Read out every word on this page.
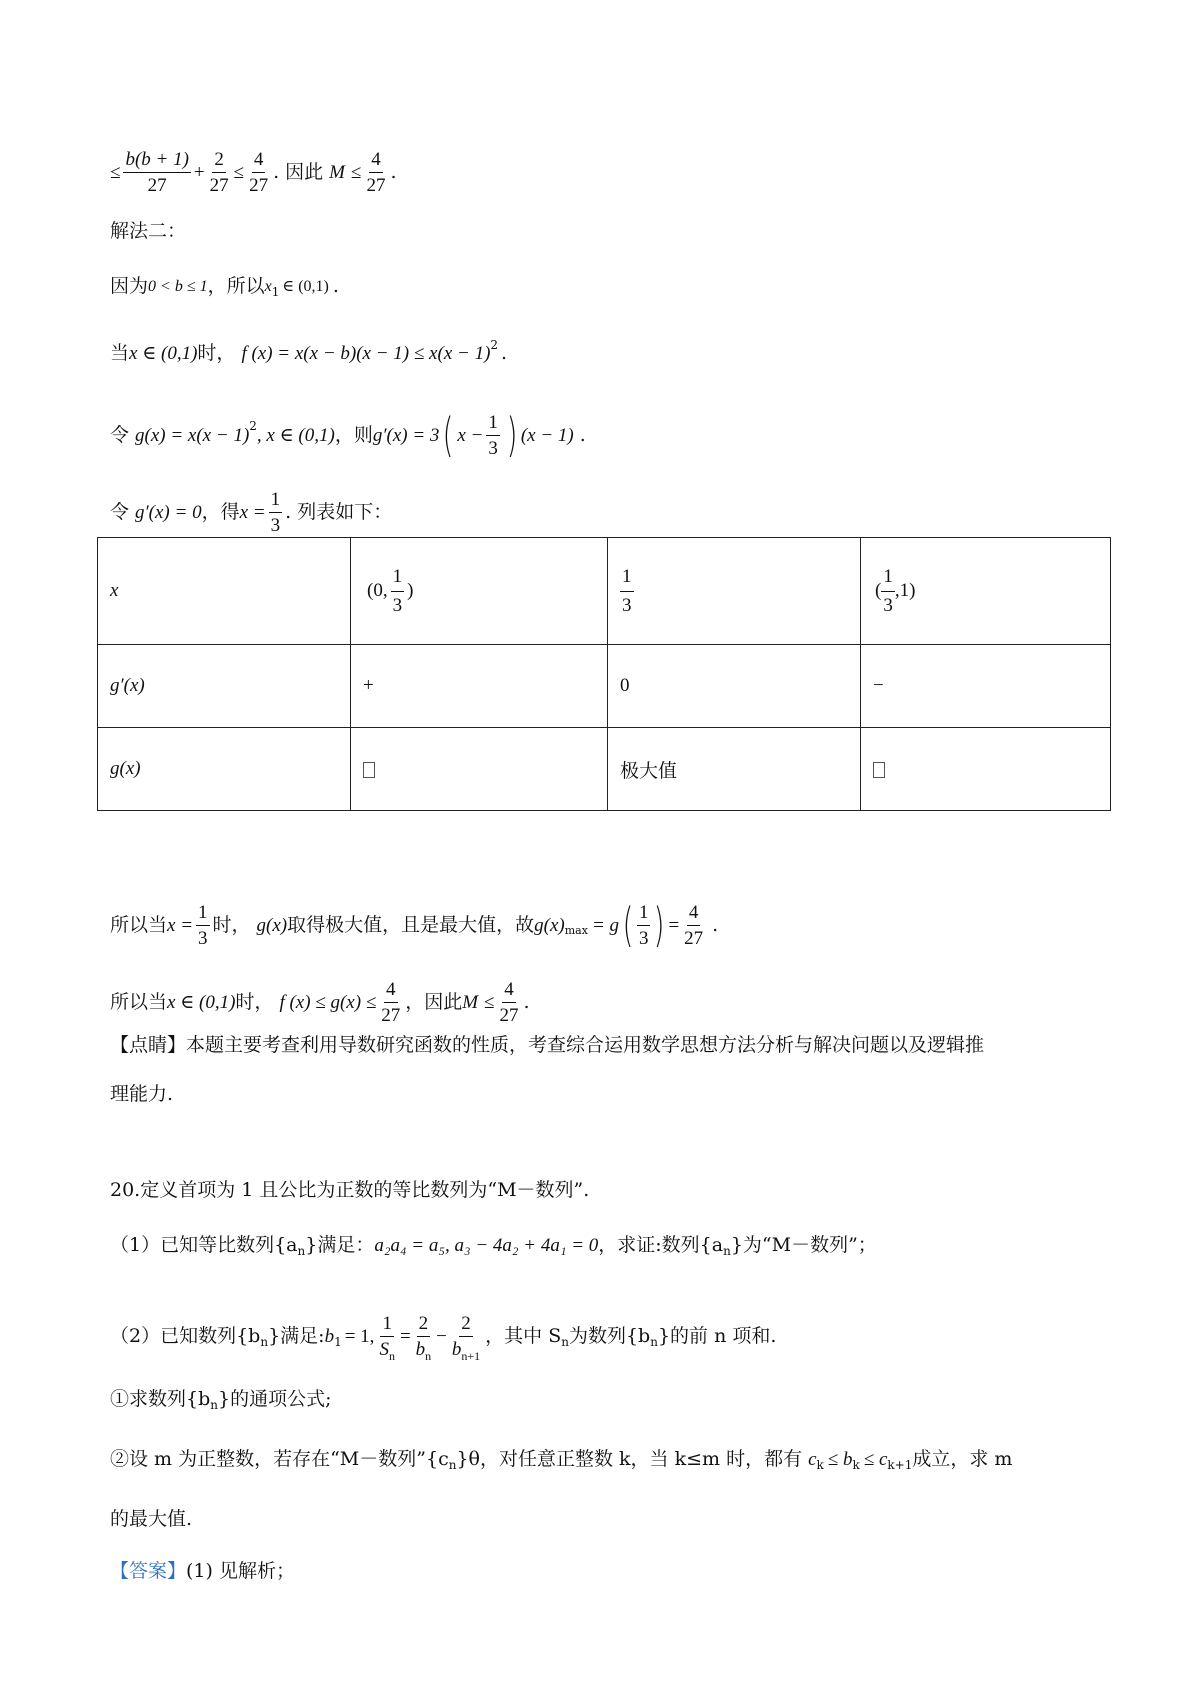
≤ $\frac{b(b + 1)}{27} + \frac{2}{27} \le \frac{4}{27}$ . 因此 $M \le \frac{4}{27}$ .
解法二：
因为 0 < b ≤ 1 ，所以 x 1 ∈ (0,1) .
当 x ∈ (0,1) 时， f (x) = x(x − b)(x − 1) ≤ x(x − 1) 2 .
令 g(x) = x(x − 1) 2 , x ∈ (0,1) ，则 g′(x) = 3 ( $x - \frac{1}{3}$ ) (x − 1) .
令 g′(x) = 0 ，得 $x = \frac{1}{3}$ . 列表如下：
x	(0, $\frac{1}{3}$ )	$\frac{1}{3}$	( $\frac{1}{3} ,1$)
g′(x)	+	0	−
g(x)		极大值	
所以当 $x = \frac{1}{3}$ 时， g(x) 取得极大值，且是最大值，故 g(x) max = g ( $\frac{1}{3}$ ) = $\frac{4}{27}$ .
所以当 x ∈ (0,1) 时， f $(x) \le g(x) \le \frac{4}{27}$ ，因此 $M \le \frac{4}{27}$ .
【点睛】本题主要考查利用导数研究函数的性质，考查综合运用数学思想方法分析与解决问题以及逻辑推
理能力.
20.定义首项为 1 且公比为正数的等比数列为“M－数列”.
（1）已知等比数列{a n }满足： a₂a₄ = a₅, a₃ − 4a₂ + 4a₁ = 0 ，求证:数列{a n }为“M－数列”；
（2）已知数列{b n }满足: b 1 = 1, $\frac{1}{S_n} = \frac{2}{b_n} - \frac{2}{b_{n+1}}$ ，其中 S n 为数列{b n }的前 n 项和.
①求数列{b n }的通项公式;
②设 m 为正整数，若存在“M－数列”{c n }θ，对任意正整数 k，当 k≤m 时，都有 c k ≤ b k ≤ c k+1 成立，求 m
的最大值.
【答案】 (1) 见解析；
